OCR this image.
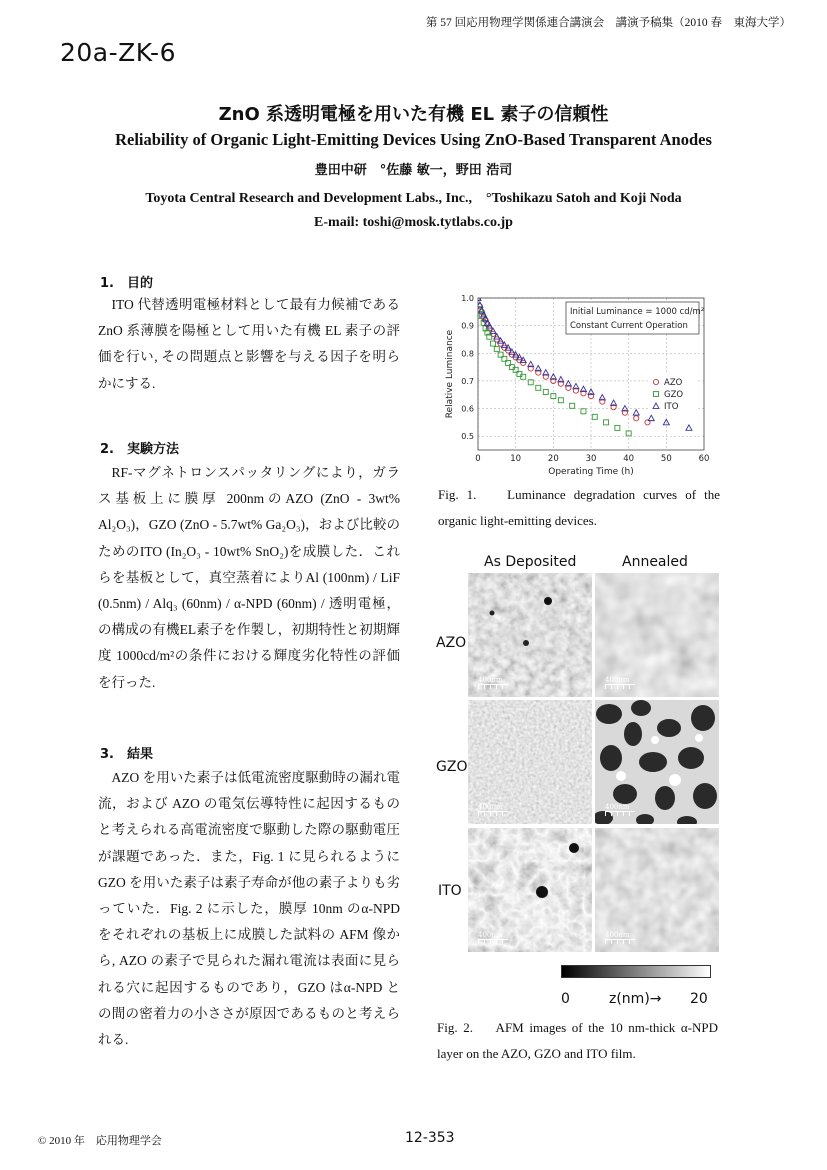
第 57 回応用物理学関係連合講演会　講演予稿集（2010 春　東海大学）
20a-ZK-6
ZnO 系透明電極を用いた有機 EL 素子の信頼性
Reliability of Organic Light-Emitting Devices Using ZnO-Based Transparent Anodes
豊田中研　°佐藤 敏一，野田 浩司
Toyota Central Research and Development Labs., Inc.,　°Toshikazu Satoh and Koji Noda
E-mail: toshi@mosk.tytlabs.co.jp
1.　目的

ITO 代替透明電極材料として最有力候補である ZnO 系薄膜を陽極として用いた有機 EL 素子の評価を行い, その問題点と影響を与える因子を明らかにする.

2.　実験方法

RF-マグネトロンスパッタリングにより，ガラス基板上に膜厚 200nmのAZO (ZnO - 3wt% Al₂O₃)，GZO (ZnO - 5.7wt% Ga₂O₃)，および比較のためのITO (In₂O₃ - 10wt% SnO₂)を成膜した．これらを基板として，真空蒸着によりAl (100nm) / LiF (0.5nm) / Alq₃ (60nm) / α-NPD (60nm) / 透明電極，の構成の有機EL素子を作製し，初期特性と初期輝度 1000cd/m²の条件における輝度劣化特性の評価を行った.

3.　結果

AZO を用いた素子は低電流密度駆動時の漏れ電流，および AZO の電気伝導特性に起因するものと考えられる高電流密度で駆動した際の駆動電圧が課題であった．また，Fig. 1 に見られるように GZO を用いた素子は素子寿命が他の素子よりも劣っていた．Fig. 2 に示した，膜厚 10nm のα-NPD をそれぞれの基板上に成膜した試料の AFM 像から, AZO の素子で見られた漏れ電流は表面に見られる穴に起因するものであり，GZO はα-NPD との間の密着力の小ささが原因であるものと考えられる.

0	10	20	30	40	50	60
0.5
0.6
0.7
0.8
0.9
1.0
Initial Luminance = 1000 cd/m²
Constant Current Operation
AZO
GZO
ITO
Operating Time (h)
Relative Luminance
Fig. 1.　 Luminance degradation curves of the organic light-emitting devices.
As Deposited	Annealed
AZO
GZO
ITO
400nm	400nm
400nm	400nm
400nm	400nm
0	z(nm)→ 20
Fig. 2.　 AFM images of the 10 nm-thick α-NPD layer on the AZO, GZO and ITO film.
© 2010 年　応用物理学会	12-353
